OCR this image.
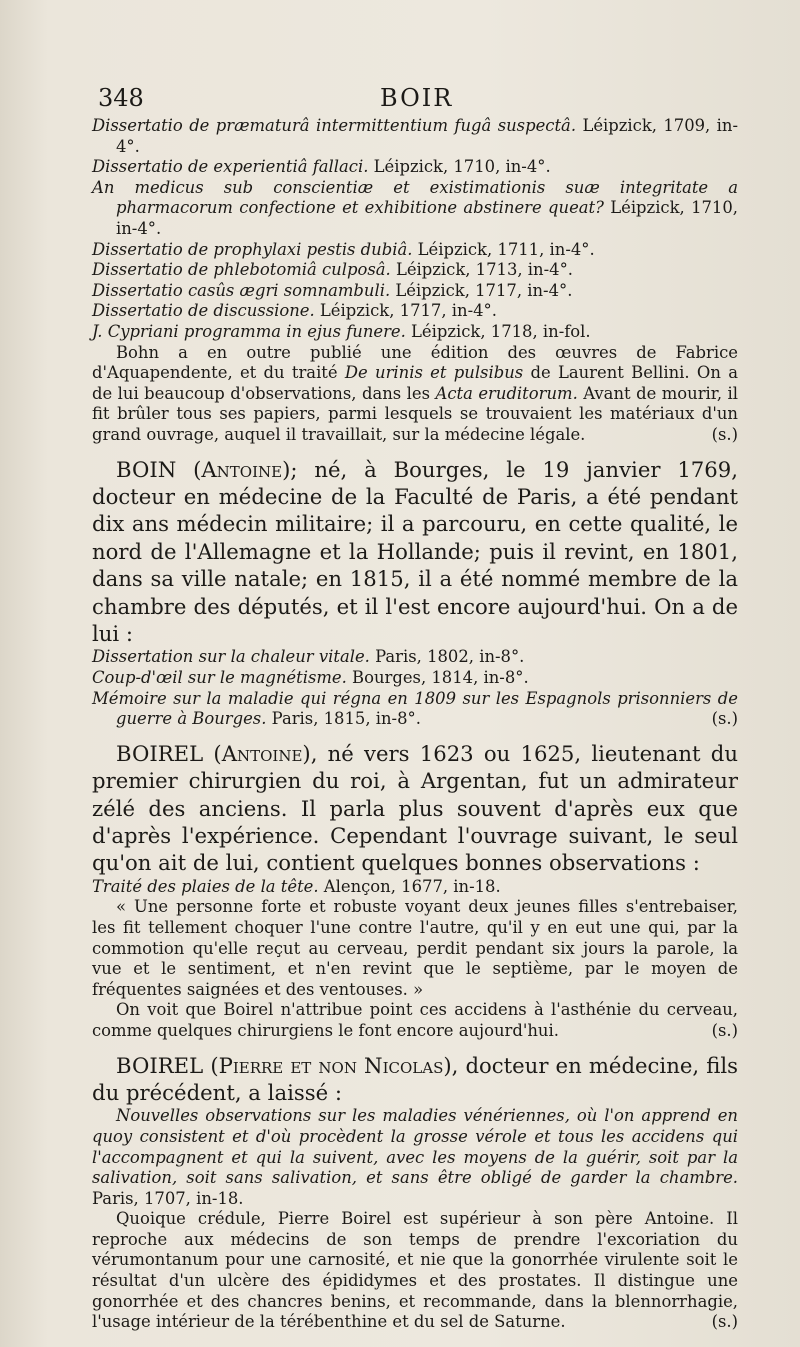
348	BOIR

Dissertatio de præmaturâ intermittentium fugâ suspectâ. Léipzick, 1709, in-4°.

Dissertatio de experientiâ fallaci. Léipzick, 1710, in-4°.

An medicus sub conscientiæ et existimationis suæ integritate a pharmacorum confectione et exhibitione abstinere queat? Léipzick, 1710, in-4°.

Dissertatio de prophylaxi pestis dubiâ. Léipzick, 1711, in-4°.

Dissertatio de phlebotomiâ culposâ. Léipzick, 1713, in-4°.

Dissertatio casûs ægri somnambuli. Léipzick, 1717, in-4°.

Dissertatio de discussione. Léipzick, 1717, in-4°.

J. Cypriani programma in ejus funere. Léipzick, 1718, in-fol.

Bohn a en outre publié une édition des œuvres de Fabrice d'Aquapendente, et du traité De urinis et pulsibus de Laurent Bellini. On a de lui beaucoup d'observations, dans les Acta eruditorum. Avant de mourir, il fit brûler tous ses papiers, parmi lesquels se trouvaient les matériaux d'un grand ouvrage, auquel il travaillait, sur la médecine légale.	(s.)

BOIN (Antoine); né, à Bourges, le 19 janvier 1769, docteur en médecine de la Faculté de Paris, a été pendant dix ans médecin militaire; il a parcouru, en cette qualité, le nord de l'Allemagne et la Hollande; puis il revint, en 1801, dans sa ville natale; en 1815, il a été nommé membre de la chambre des députés, et il l'est encore aujourd'hui. On a de lui :

Dissertation sur la chaleur vitale. Paris, 1802, in-8°.

Coup-d'œil sur le magnétisme. Bourges, 1814, in-8°.

Mémoire sur la maladie qui régna en 1809 sur les Espagnols prisonniers de guerre à Bourges. Paris, 1815, in-8°.	(s.)

BOIREL (Antoine), né vers 1623 ou 1625, lieutenant du premier chirurgien du roi, à Argentan, fut un admirateur zélé des anciens. Il parla plus souvent d'après eux que d'après l'expérience. Cependant l'ouvrage suivant, le seul qu'on ait de lui, contient quelques bonnes observations :

Traité des plaies de la tête. Alençon, 1677, in-18.

« Une personne forte et robuste voyant deux jeunes filles s'entrebaiser, les fit tellement choquer l'une contre l'autre, qu'il y en eut une qui, par la commotion qu'elle reçut au cerveau, perdit pendant six jours la parole, la vue et le sentiment, et n'en revint que le septième, par le moyen de fréquentes saignées et des ventouses. »

On voit que Boirel n'attribue point ces accidens à l'asthénie du cerveau, comme quelques chirurgiens le font encore aujourd'hui.	(s.)

BOIREL (Pierre et non Nicolas), docteur en médecine, fils du précédent, a laissé :

Nouvelles observations sur les maladies vénériennes, où l'on apprend en quoy consistent et d'où procèdent la grosse vérole et tous les accidens qui l'accompagnent et qui la suivent, avec les moyens de la guérir, soit par la salivation, soit sans salivation, et sans être obligé de garder la chambre. Paris, 1707, in-18.

Quoique crédule, Pierre Boirel est supérieur à son père Antoine. Il reproche aux médecins de son temps de prendre l'excoriation du vérumontanum pour une carnosité, et nie que la gonorrhée virulente soit le résultat d'un ulcère des épididymes et des prostates. Il distingue une gonorrhée et des chancres benins, et recommande, dans la blennorrhagie, l'usage intérieur de la térébenthine et du sel de Saturne.	(s.)
